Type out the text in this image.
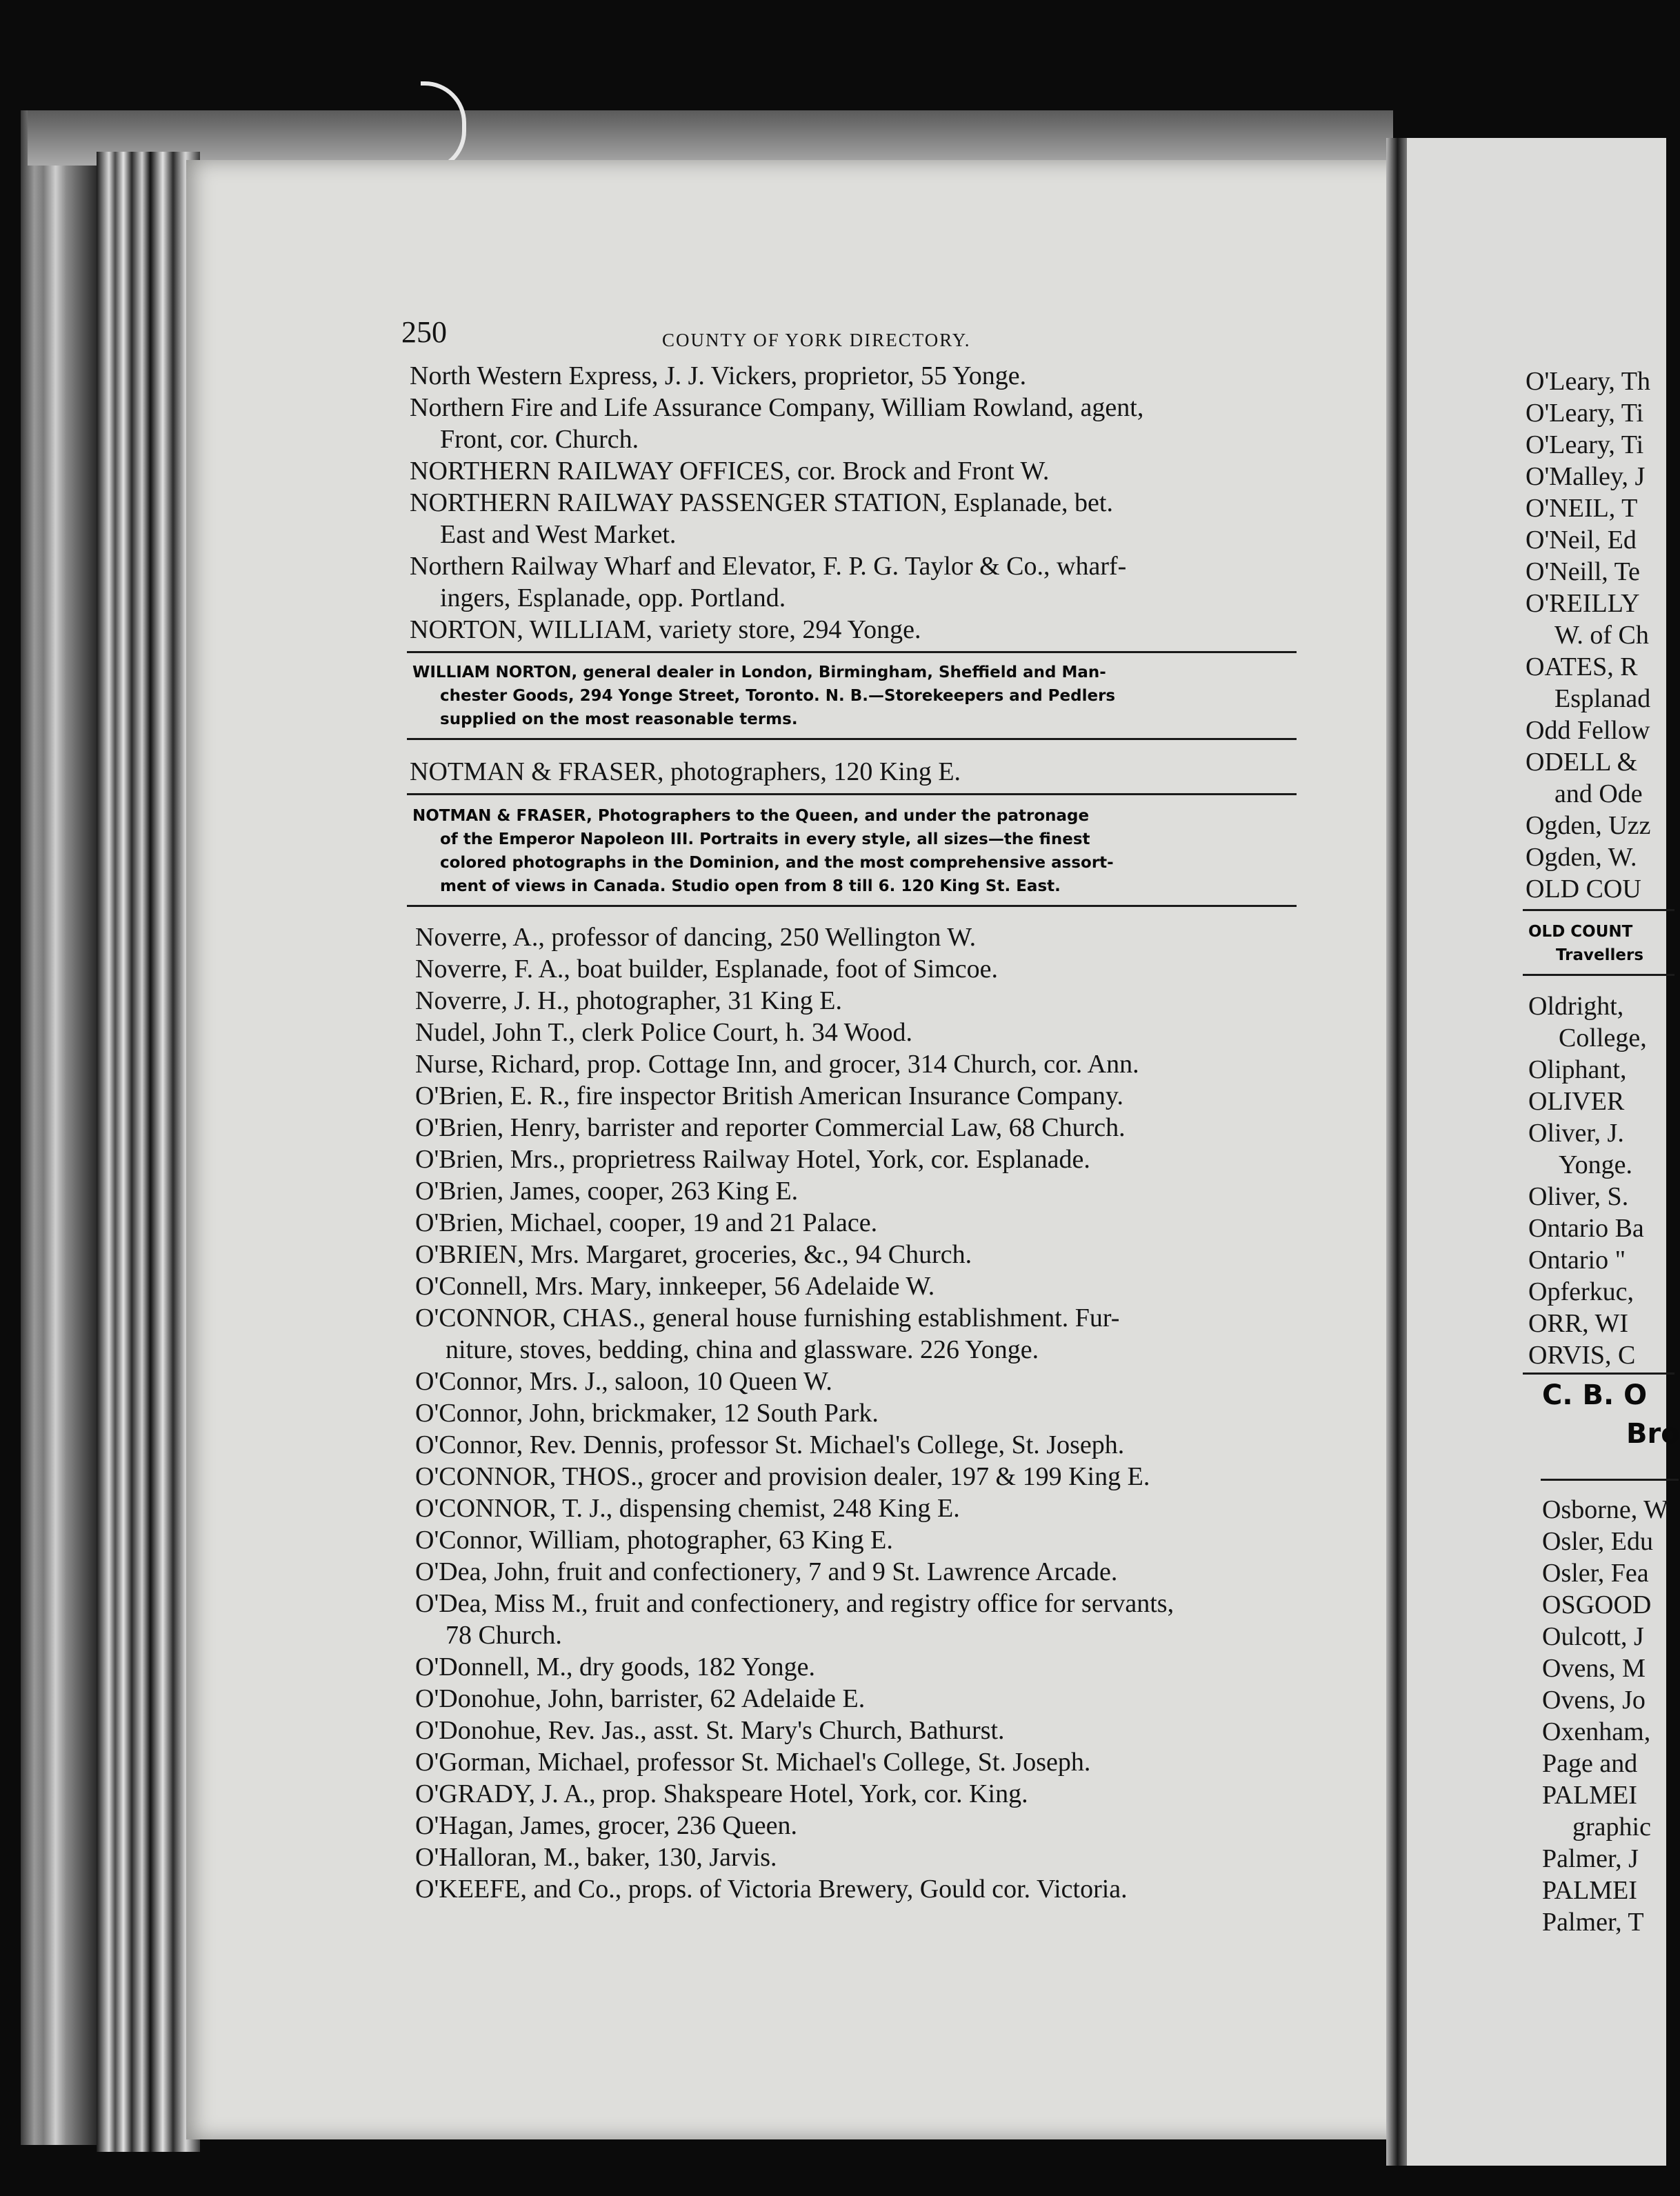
250	COUNTY OF YORK DIRECTORY.
North Western Express, J. J. Vickers, proprietor, 55 Yonge.
Northern Fire and Life Assurance Company, William Rowland, agent,
Front, cor. Church.
NORTHERN RAILWAY OFFICES, cor. Brock and Front W.
NORTHERN RAILWAY PASSENGER STATION, Esplanade, bet.
East and West Market.
Northern Railway Wharf and Elevator, F. P. G. Taylor & Co., wharf-
ingers, Esplanade, opp. Portland.
NORTON, WILLIAM, variety store, 294 Yonge.
WILLIAM NORTON, general dealer in London, Birmingham, Sheffield and Man-
chester Goods, 294 Yonge Street, Toronto. N. B.—Storekeepers and Pedlers
supplied on the most reasonable terms.
NOTMAN & FRASER, photographers, 120 King E.
NOTMAN & FRASER, Photographers to the Queen, and under the patronage
of the Emperor Napoleon III. Portraits in every style, all sizes—the finest
colored photographs in the Dominion, and the most comprehensive assort-
ment of views in Canada. Studio open from 8 till 6. 120 King St. East.
Noverre, A., professor of dancing, 250 Wellington W.
Noverre, F. A., boat builder, Esplanade, foot of Simcoe.
Noverre, J. H., photographer, 31 King E.
Nudel, John T., clerk Police Court, h. 34 Wood.
Nurse, Richard, prop. Cottage Inn, and grocer, 314 Church, cor. Ann.
O'Brien, E. R., fire inspector British American Insurance Company.
O'Brien, Henry, barrister and reporter Commercial Law, 68 Church.
O'Brien, Mrs., proprietress Railway Hotel, York, cor. Esplanade.
O'Brien, James, cooper, 263 King E.
O'Brien, Michael, cooper, 19 and 21 Palace.
O'BRIEN, Mrs. Margaret, groceries, &c., 94 Church.
O'Connell, Mrs. Mary, innkeeper, 56 Adelaide W.
O'CONNOR, CHAS., general house furnishing establishment. Fur-
niture, stoves, bedding, china and glassware. 226 Yonge.
O'Connor, Mrs. J., saloon, 10 Queen W.
O'Connor, John, brickmaker, 12 South Park.
O'Connor, Rev. Dennis, professor St. Michael's College, St. Joseph.
O'CONNOR, THOS., grocer and provision dealer, 197 & 199 King E.
O'CONNOR, T. J., dispensing chemist, 248 King E.
O'Connor, William, photographer, 63 King E.
O'Dea, John, fruit and confectionery, 7 and 9 St. Lawrence Arcade.
O'Dea, Miss M., fruit and confectionery, and registry office for servants,
78 Church.
O'Donnell, M., dry goods, 182 Yonge.
O'Donohue, John, barrister, 62 Adelaide E.
O'Donohue, Rev. Jas., asst. St. Mary's Church, Bathurst.
O'Gorman, Michael, professor St. Michael's College, St. Joseph.
O'GRADY, J. A., prop. Shakspeare Hotel, York, cor. King.
O'Hagan, James, grocer, 236 Queen.
O'Halloran, M., baker, 130, Jarvis.
O'KEEFE, and Co., props. of Victoria Brewery, Gould cor. Victoria.
O'Leary, Th
O'Leary, Ti
O'Leary, Ti
O'Malley, J
O'NEIL, T
O'Neil, Ed
O'Neill, Te
O'REILLY
W. of Ch
OATES, R
Esplanad
Odd Fellow
ODELL &
and Ode
Ogden, Uzz
Ogden, W.
OLD COU
OLD COUNT
Travellers
Oldright,
College,
Oliphant,
OLIVER
Oliver, J.
Yonge.
Oliver, S.
Ontario Ba
Ontario "
Opferkuc,
ORR, WI
ORVIS, C
C. B. O
Bro
Osborne, W
Osler, Edu
Osler, Fea
OSGOOD
Oulcott, J
Ovens, M
Ovens, Jo
Oxenham,
Page and
PALMEI
graphic
Palmer, J
PALMEI
Palmer, T
